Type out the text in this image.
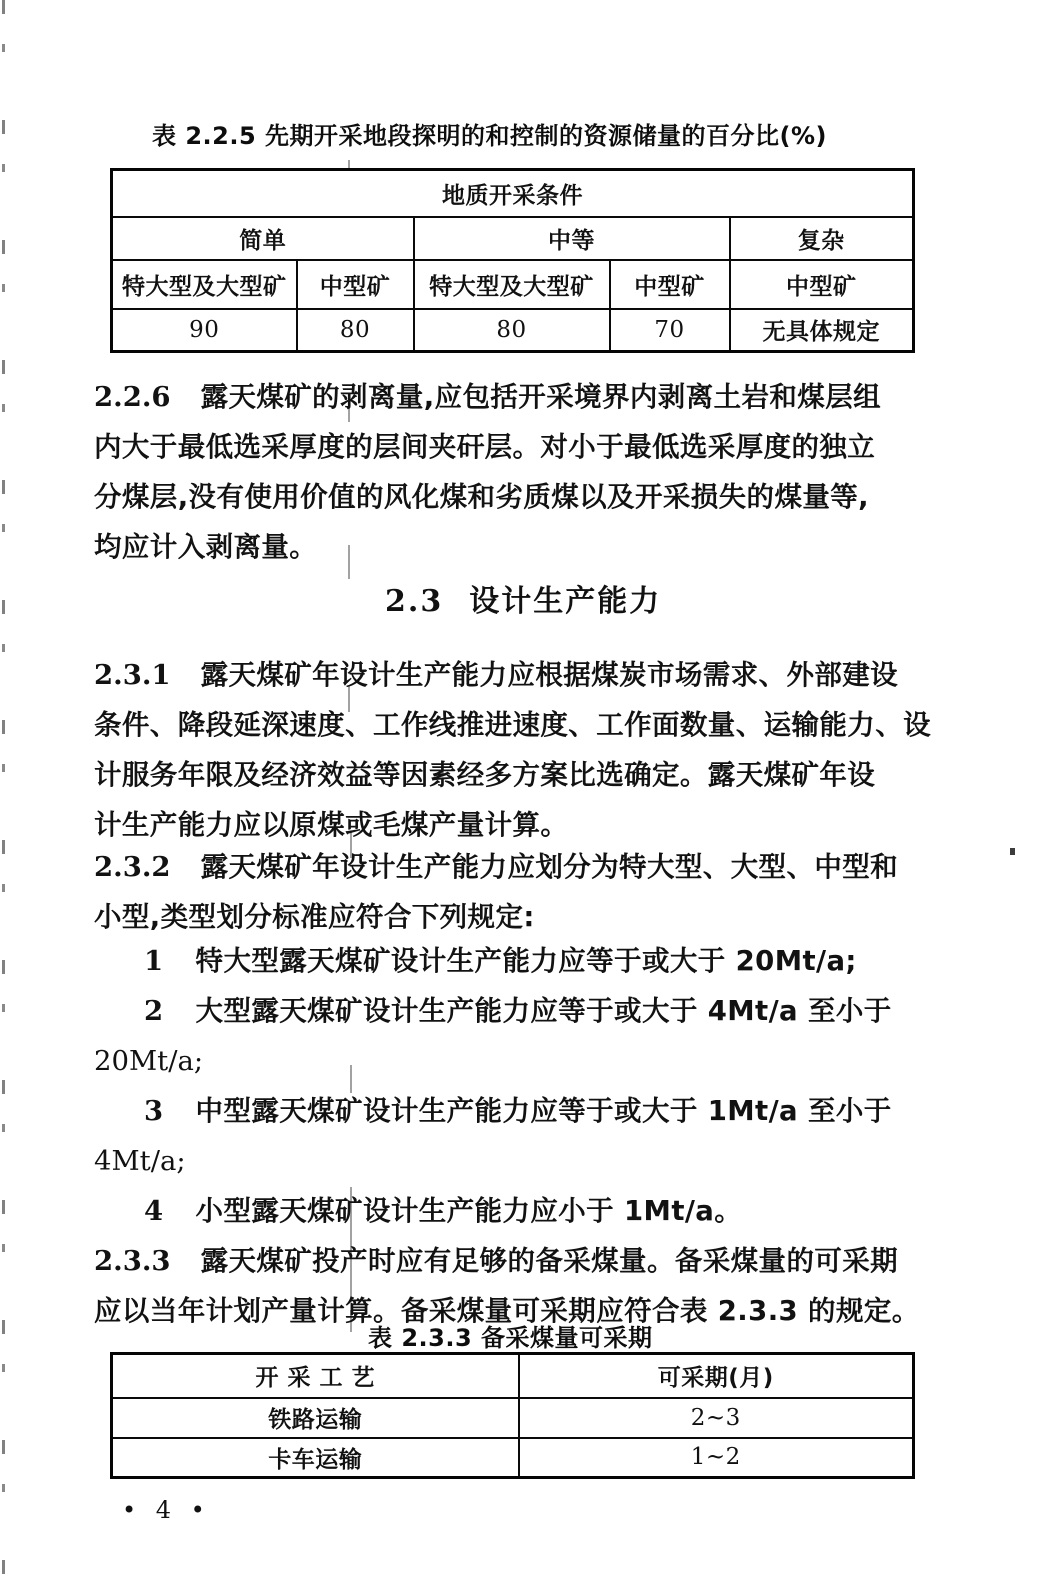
表 2.2.5 先期开采地段探明的和控制的资源储量的百分比(%)
地质开采条件				
简单		中等		复杂
特大型及大型矿	中型矿	特大型及大型矿	中型矿	中型矿
90	80	80	70	无具体规定
2.2.6 露天煤矿的剥离量,应包括开采境界内剥离土岩和煤层组
内大于最低选采厚度的层间夹矸层。对小于最低选采厚度的独立
分煤层,没有使用价值的风化煤和劣质煤以及开采损失的煤量等,
均应计入剥离量。
2.3 设计生产能力
2.3.1 露天煤矿年设计生产能力应根据煤炭市场需求、外部建设
条件、降段延深速度、工作线推进速度、工作面数量、运输能力、设
计服务年限及经济效益等因素经多方案比选确定。露天煤矿年设
计生产能力应以原煤或毛煤产量计算。
2.3.2 露天煤矿年设计生产能力应划分为特大型、大型、中型和
小型,类型划分标准应符合下列规定:
1 特大型露天煤矿设计生产能力应等于或大于 20Mt/a;
2 大型露天煤矿设计生产能力应等于或大于 4Mt/a 至小于
20Mt/a;
3 中型露天煤矿设计生产能力应等于或大于 1Mt/a 至小于
4Mt/a;
4 小型露天煤矿设计生产能力应小于 1Mt/a。
2.3.3 露天煤矿投产时应有足够的备采煤量。备采煤量的可采期
应以当年计划产量计算。备采煤量可采期应符合表 2.3.3 的规定。
表 2.3.3 备采煤量可采期
开 采 工 艺	可采期(月)
铁路运输	2~3
卡车运输	1~2
• 4 •
